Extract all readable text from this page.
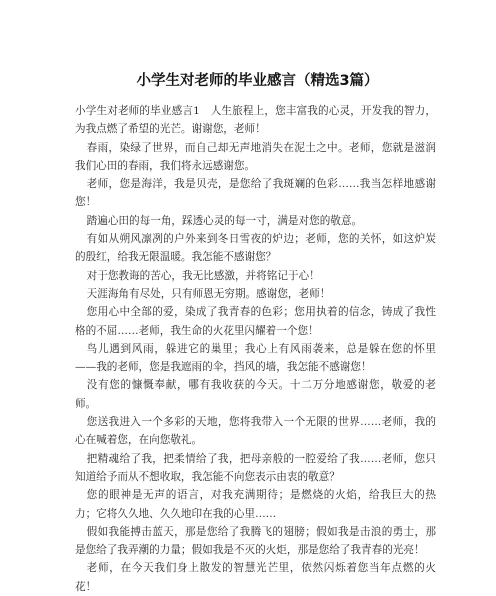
小学生对老师的毕业感言（精选3篇）

小学生对老师的毕业感言1　人生旅程上，您丰富我的心灵，开发我的智力，为我点燃了希望的光芒。谢谢您，老师！

春雨，染绿了世界，而自己却无声地消失在泥土之中。老师，您就是滋润我们心田的春雨，我们将永远感谢您。

老师，您是海洋，我是贝壳，是您给了我斑斓的色彩……我当怎样地感谢您！

踏遍心田的每一角，踩透心灵的每一寸，满是对您的敬意。

有如从朔风凛冽的户外来到冬日雪夜的炉边；老师，您的关怀，如这炉炭的殷红，给我无限温暖。我怎能不感谢您？

对于您教诲的苦心，我无比感激，并将铭记于心！

天涯海角有尽处，只有师恩无穷期。感谢您，老师！

您用心中全部的爱，染成了我青春的色彩；您用执着的信念，铸成了我性格的不屈……老师，我生命的火花里闪耀着一个您！

鸟儿遇到风雨，躲进它的巢里；我心上有风雨袭来，总是躲在您的怀里——我的老师，您是我遮雨的伞，挡风的墙，我怎能不感谢您！

没有您的慷慨奉献，哪有我收获的今天。十二万分地感谢您，敬爱的老师。

您送我进入一个多彩的天地，您将我带入一个无限的世界……老师，我的心在喊着您，在向您敬礼。

把精魂给了我，把柔情给了我，把母亲般的一腔爱给了我……老师，您只知道给予而从不想收取，我怎能不向您表示由衷的敬意？

您的眼神是无声的语言，对我充满期待；是燃烧的火焰，给我巨大的热力；它将久久地、久久地印在我的心里……

假如我能搏击蓝天，那是您给了我腾飞的翅膀；假如我是击浪的勇士，那是您给了我弄潮的力量；假如我是不灭的火炬，那是您给了我青春的光亮！

老师，在今天我们身上散发的智慧光芒里，依然闪烁着您当年点燃的火花！
